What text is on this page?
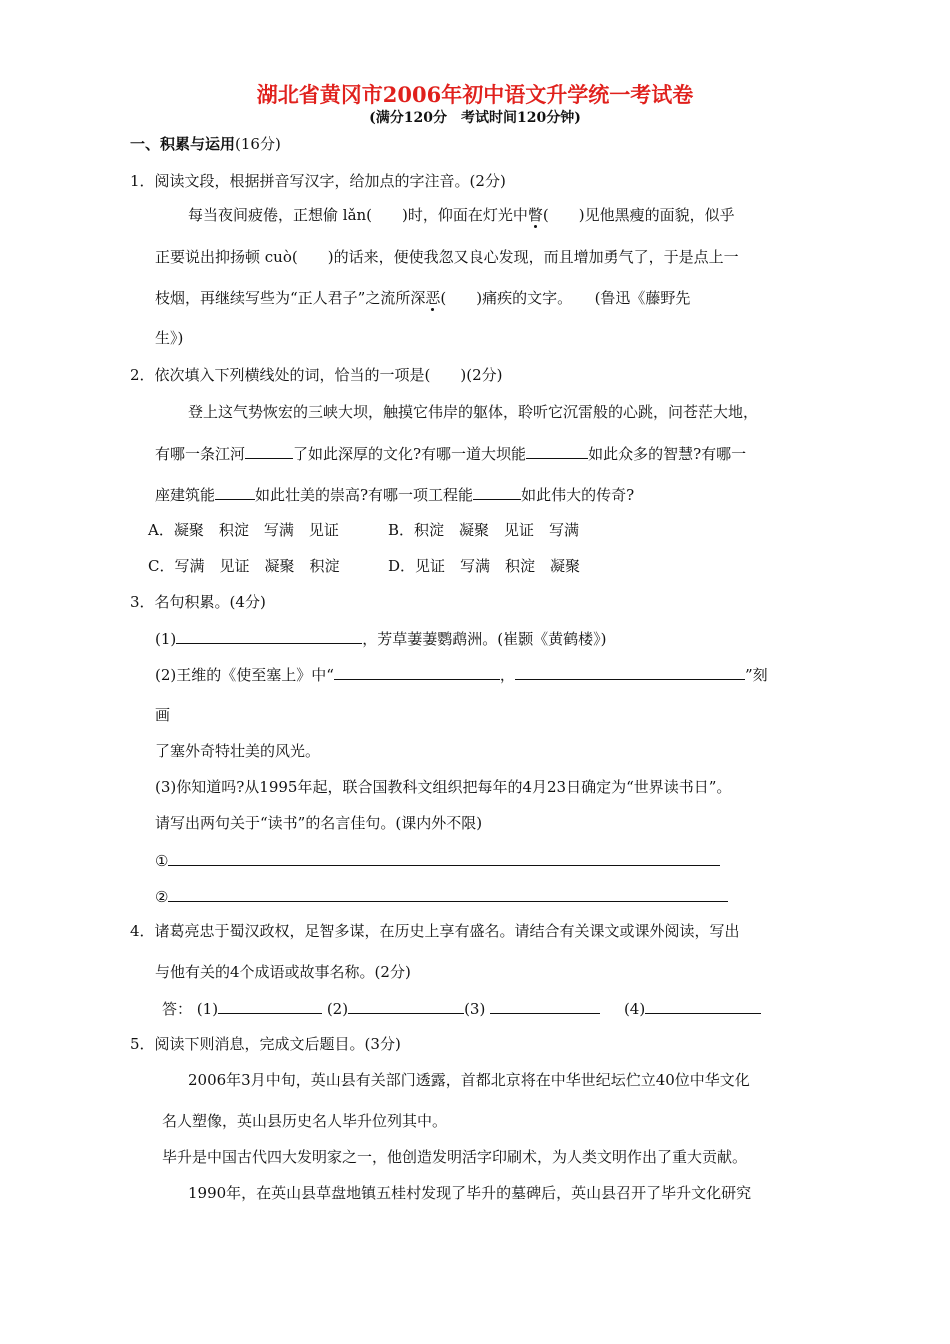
湖北省黄冈市2006年初中语文升学统一考试卷
(满分120分　考试时间120分钟)
一、积累与运用(16分)
1．阅读文段，根据拼音写汉字，给加点的字注音。(2分)
每当夜间疲倦，正想偷 lǎn(　　)时，仰面在灯光中瞥(　　)见他黑瘦的面貌，似乎
正要说出抑扬顿 cuò(　　)的话来，便使我忽又良心发现，而且增加勇气了，于是点上一
枝烟，再继续写些为“正人君子”之流所深恶(　　)痛疾的文字。　　(鲁迅《藤野先
生》)
2．依次填入下列横线处的词，恰当的一项是(　　)(2分)
登上这气势恢宏的三峡大坝，触摸它伟岸的躯体，聆听它沉雷般的心跳，问苍茫大地，
有哪一条江河	了如此深厚的文化?有哪一道大坝能	如此众多的智慧?有哪一
座建筑能	如此壮美的崇高?有哪一项工程能	如此伟大的传奇?
A．凝聚　积淀　写满　见证	B．积淀　凝聚　见证　写满
C．写满　见证　凝聚　积淀	D．见证　写满　积淀　凝聚
3．名句积累。(4分)
(1)	，芳草萋萋鹦鹉洲。(崔颢《黄鹤楼》)
(2)王维的《使至塞上》中“	，	”刻
画
了塞外奇特壮美的风光。
(3)你知道吗?从1995年起，联合国教科文组织把每年的4月23日确定为“世界读书日”。
请写出两句关于“读书”的名言佳句。(课内外不限)
①
②
4．诸葛亮忠于蜀汉政权，足智多谋，在历史上享有盛名。请结合有关课文或课外阅读，写出
与他有关的4个成语或故事名称。(2分)
答： (1)	(2)	(3)	(4)
5．阅读下则消息，完成文后题目。(3分)
2006年3月中旬，英山县有关部门透露，首都北京将在中华世纪坛伫立40位中华文化
名人塑像，英山县历史名人毕升位列其中。
毕升是中国古代四大发明家之一，他创造发明活字印刷术，为人类文明作出了重大贡献。
1990年，在英山县草盘地镇五桂村发现了毕升的墓碑后，英山县召开了毕升文化研究
